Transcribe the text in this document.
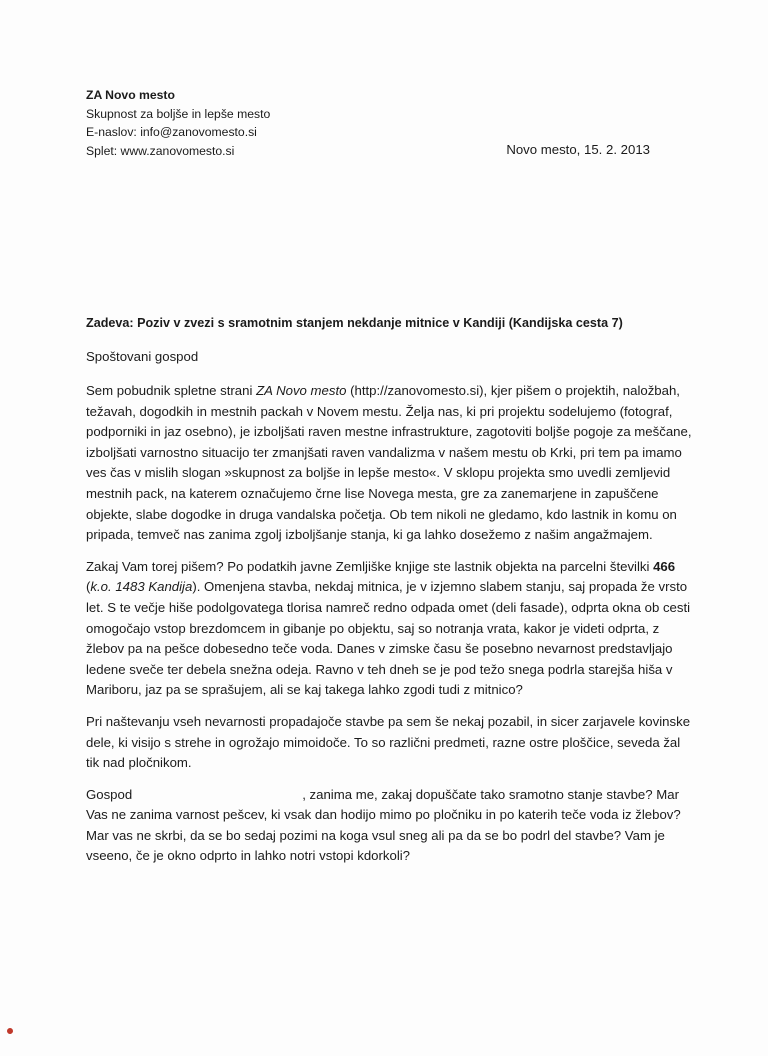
ZA Novo mesto
Skupnost za boljše in lepše mesto
E-naslov: info@zanovomesto.si
Splet: www.zanovomesto.si	Novo mesto, 15. 2. 2013
Zadeva: Poziv v zvezi s sramotnim stanjem nekdanje mitnice v Kandiji (Kandijska cesta 7)
Spoštovani gospod

Sem pobudnik spletne strani ZA Novo mesto (http://zanovomesto.si), kjer pišem o projektih, naložbah, težavah, dogodkih in mestnih packah v Novem mestu. Želja nas, ki pri projektu sodelujemo (fotograf, podporniki in jaz osebno), je izboljšati raven mestne infrastrukture, zagotoviti boljše pogoje za meščane, izboljšati varnostno situacijo ter zmanjšati raven vandalizma v našem mestu ob Krki, pri tem pa imamo ves čas v mislih slogan »skupnost za boljše in lepše mesto«. V sklopu projekta smo uvedli zemljevid mestnih pack, na katerem označujemo črne lise Novega mesta, gre za zanemarjene in zapuščene objekte, slabe dogodke in druga vandalska početja. Ob tem nikoli ne gledamo, kdo lastnik in komu on pripada, temveč nas zanima zgolj izboljšanje stanja, ki ga lahko dosežemo z našim angažmajem.

Zakaj Vam torej pišem? Po podatkih javne Zemljiške knjige ste lastnik objekta na parcelni številki 466 (k.o. 1483 Kandija). Omenjena stavba, nekdaj mitnica, je v izjemno slabem stanju, saj propada že vrsto let. S te večje hiše podolgovatega tlorisa namreč redno odpada omet (deli fasade), odprta okna ob cesti omogočajo vstop brezdomcem in gibanje po objektu, saj so notranja vrata, kakor je videti odprta, z žlebov pa na pešce dobesedno teče voda. Danes v zimske času še posebno nevarnost predstavljajo ledene sveče ter debela snežna odeja. Ravno v teh dneh se je pod težo snega podrla starejša hiša v Mariboru, jaz pa se sprašujem, ali se kaj takega lahko zgodi tudi z mitnico?

Pri naštevanju vseh nevarnosti propadajoče stavbe pa sem še nekaj pozabil, in sicer zarjavele kovinske dele, ki visijo s strehe in ogrožajo mimoidoče. To so različni predmeti, razne ostre ploščice, seveda žal tik nad pločnikom.

Gospod	, zanima me, zakaj dopuščate tako sramotno stanje stavbe? Mar Vas ne zanima varnost pešcev, ki vsak dan hodijo mimo po pločniku in po katerih teče voda iz žlebov? Mar vas ne skrbi, da se bo sedaj pozimi na koga vsul sneg ali pa da se bo podrl del stavbe? Vam je vseeno, če je okno odprto in lahko notri vstopi kdorkoli?
